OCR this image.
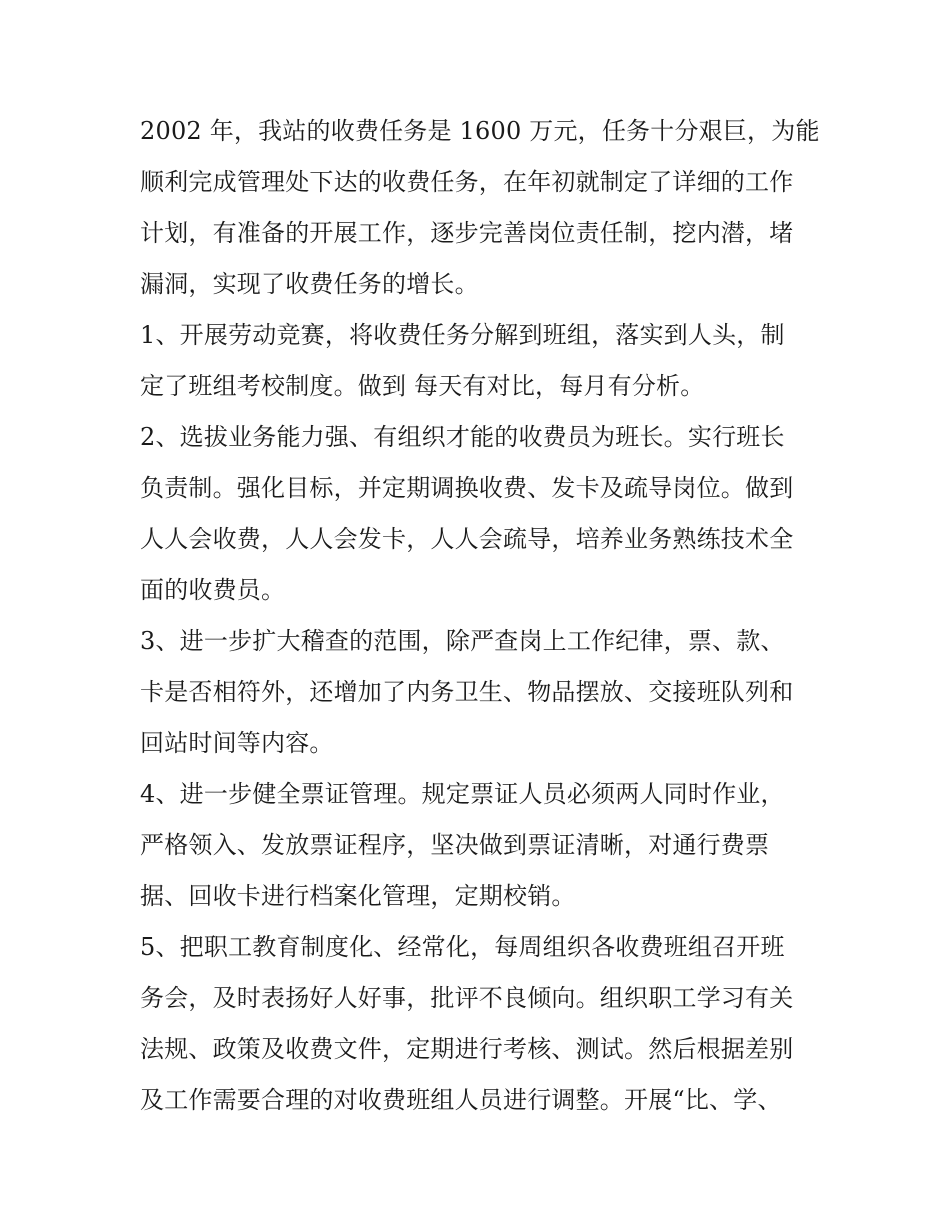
2002 年，我站的收费任务是 1600 万元，任务十分艰巨，为能
顺利完成管理处下达的收费任务，在年初就制定了详细的工作
计划，有准备的开展工作，逐步完善岗位责任制，挖内潜，堵
漏洞，实现了收费任务的增长。
1、开展劳动竞赛，将收费任务分解到班组，落实到人头，制
定了班组考校制度。做到 每天有对比，每月有分析。
2、选拔业务能力强、有组织才能的收费员为班长。实行班长
负责制。强化目标，并定期调换收费、发卡及疏导岗位。做到
人人会收费，人人会发卡，人人会疏导，培养业务熟练技术全
面的收费员。
3、进一步扩大稽查的范围，除严查岗上工作纪律，票、款、
卡是否相符外，还增加了内务卫生、物品摆放、交接班队列和
回站时间等内容。
4、进一步健全票证管理。规定票证人员必须两人同时作业，
严格领入、发放票证程序，坚决做到票证清晰，对通行费票
据、回收卡进行档案化管理，定期校销。
5、把职工教育制度化、经常化，每周组织各收费班组召开班
务会，及时表扬好人好事，批评不良倾向。组织职工学习有关
法规、政策及收费文件，定期进行考核、测试。然后根据差别
及工作需要合理的对收费班组人员进行调整。开展“比、学、
